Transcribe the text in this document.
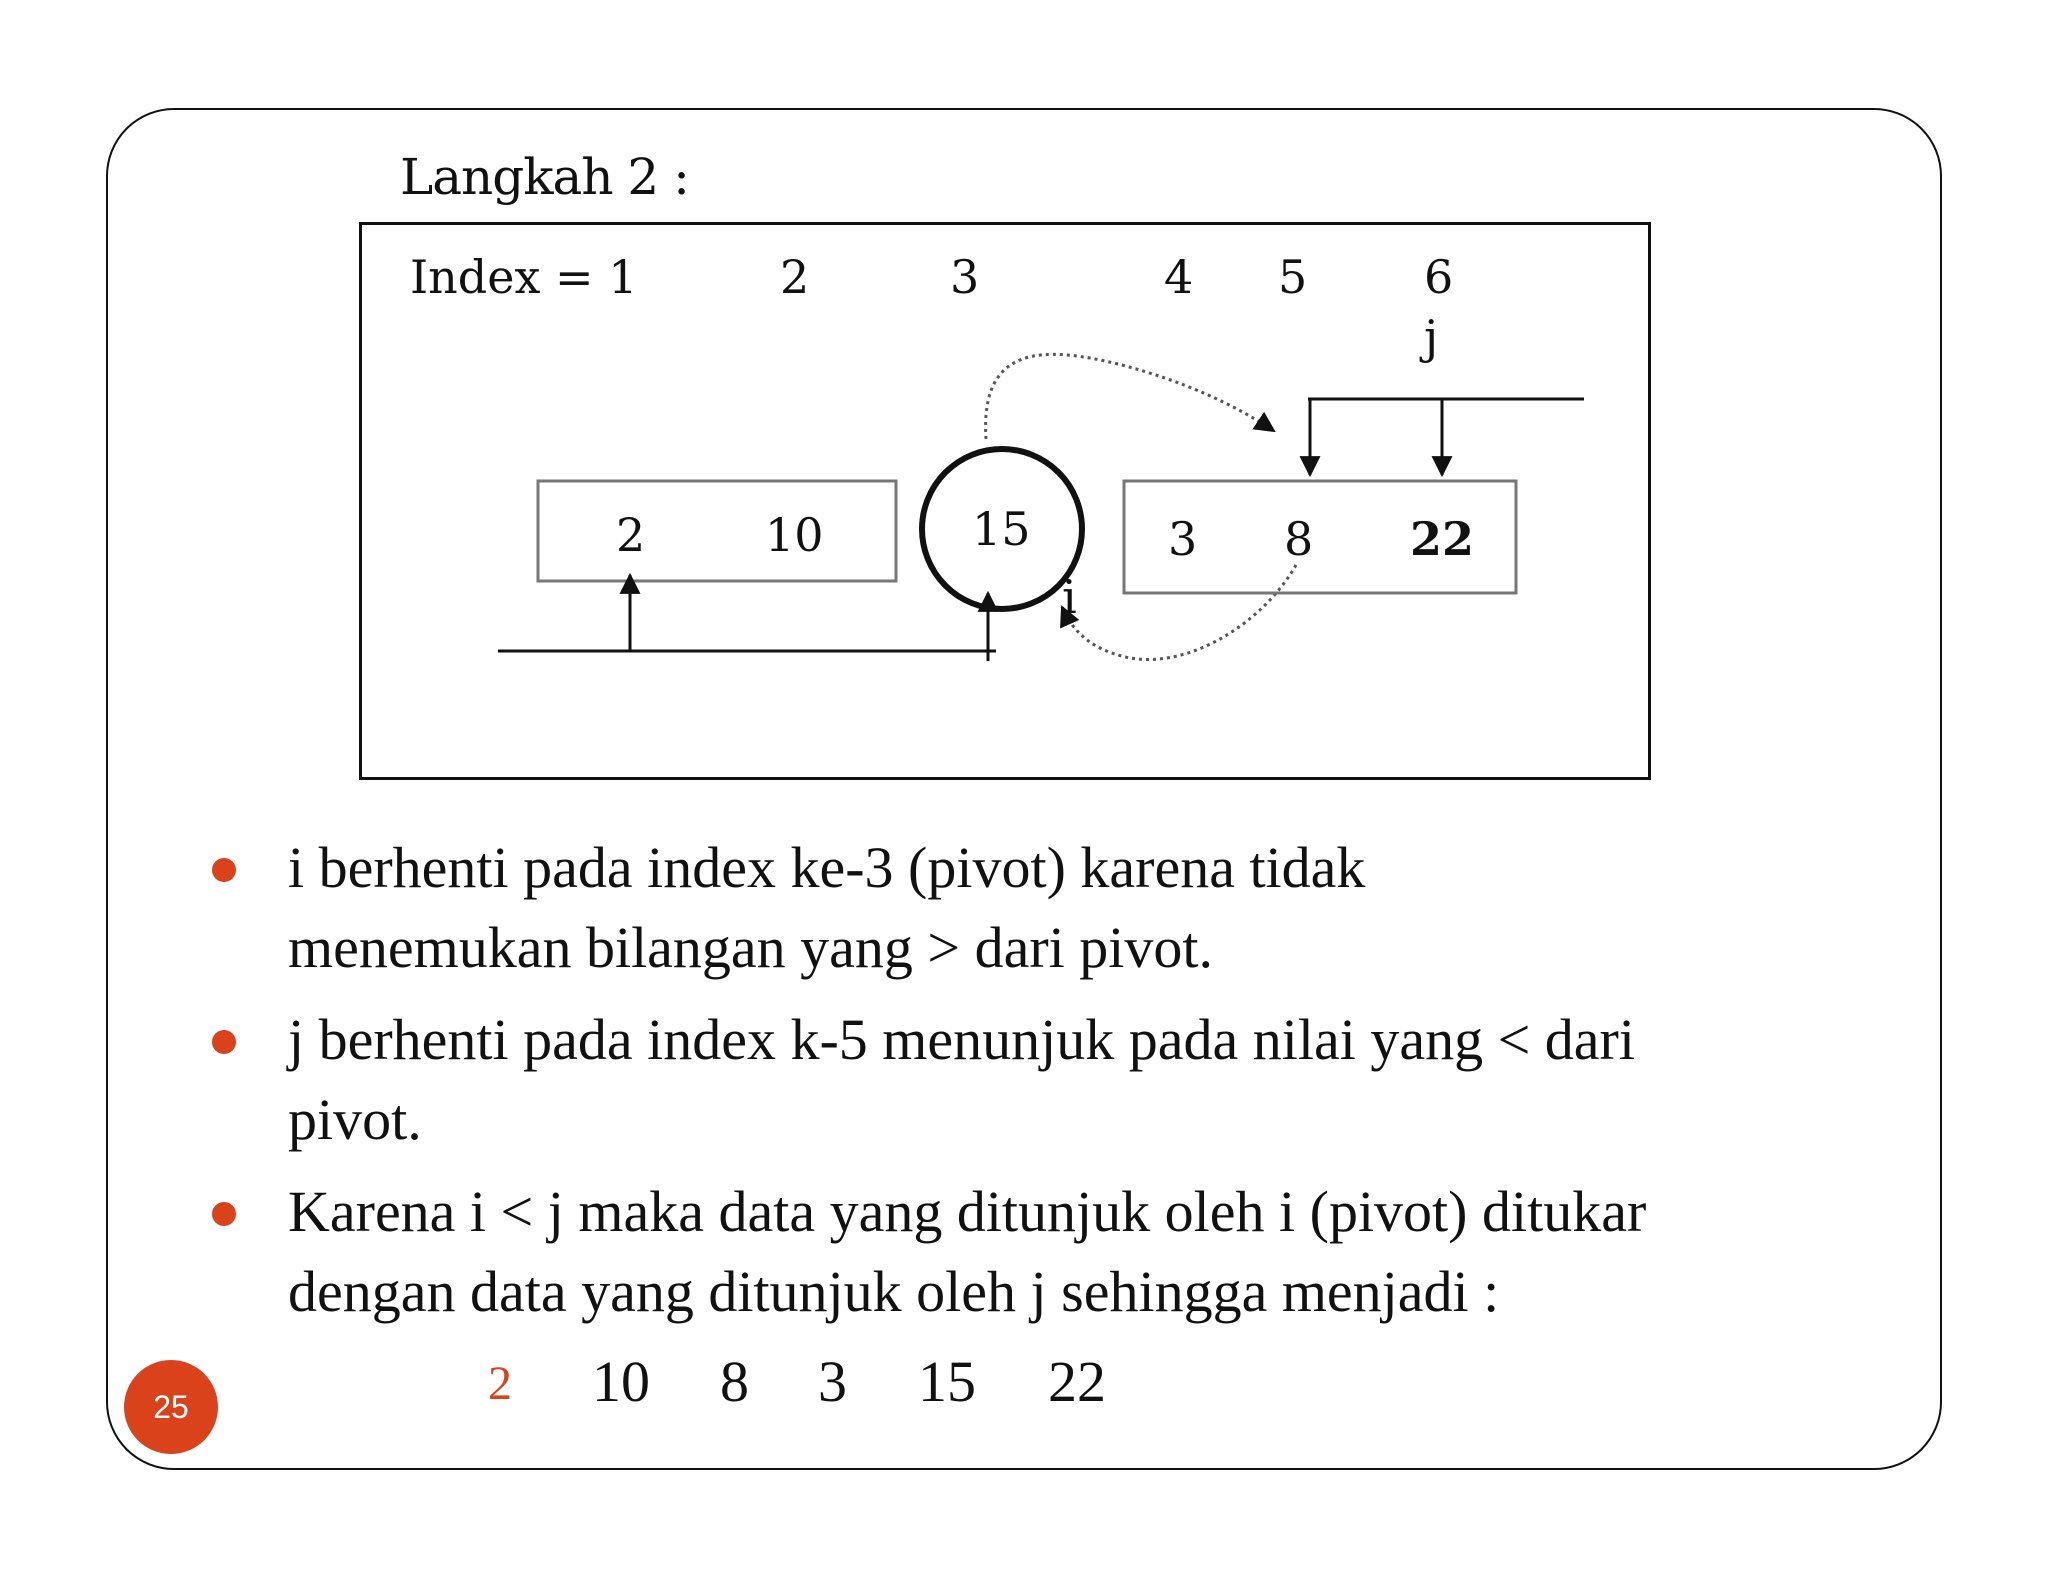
Langkah 2 :
Index = 1	2	3	4 5	6
j
2	10	15	3 8 22
i
i berhenti pada index ke-3 (pivot) karena tidak
menemukan bilangan yang > dari pivot.
j berhenti pada index k-5 menunjuk pada nilai yang < dari
pivot.
Karena i < j maka data yang ditunjuk oleh i (pivot) ditukar
dengan data yang ditunjuk oleh j sehingga menjadi :
2 10 8 3 15 22
25
